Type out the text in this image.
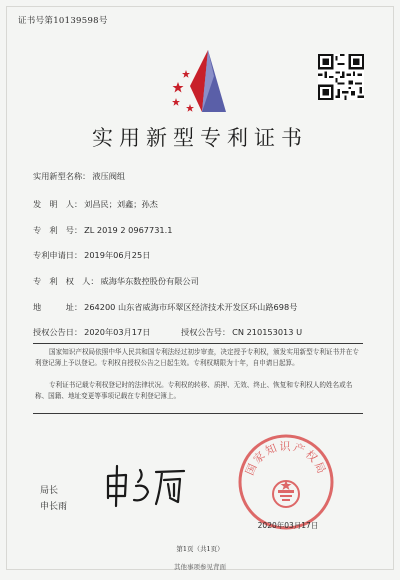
证书号第10139598号
实用新型专利证书
实用新型名称： 液压阀组
发　明　人： 刘昌民；刘鑫；孙杰
专　利　号： ZL 2019 2 0967731.1
专利申请日： 2019年06月25日
专　利　权　人： 威海华东数控股份有限公司
地　　　址： 264200 山东省威海市环翠区经济技术开发区环山路698号
授权公告日： 2020年03月17日	授权公告号： CN 210153013 U

国家知识产权局依照中华人民共和国专利法经过初步审查，决定授予专利权，颁发实用新型专利证书并在专利登记簿上予以登记。专利权自授权公告之日起生效。专利权期限为十年，自申请日起算。

专利证书记载专利权登记时的法律状况。专利权的转移、质押、无效、终止、恢复和专利权人的姓名或名称、国籍、地址变更等事项记载在专利登记簿上。

局长
申长雨
国家知识产权局
2020年03月17日
第1页（共1页）
其他事项参见背面
